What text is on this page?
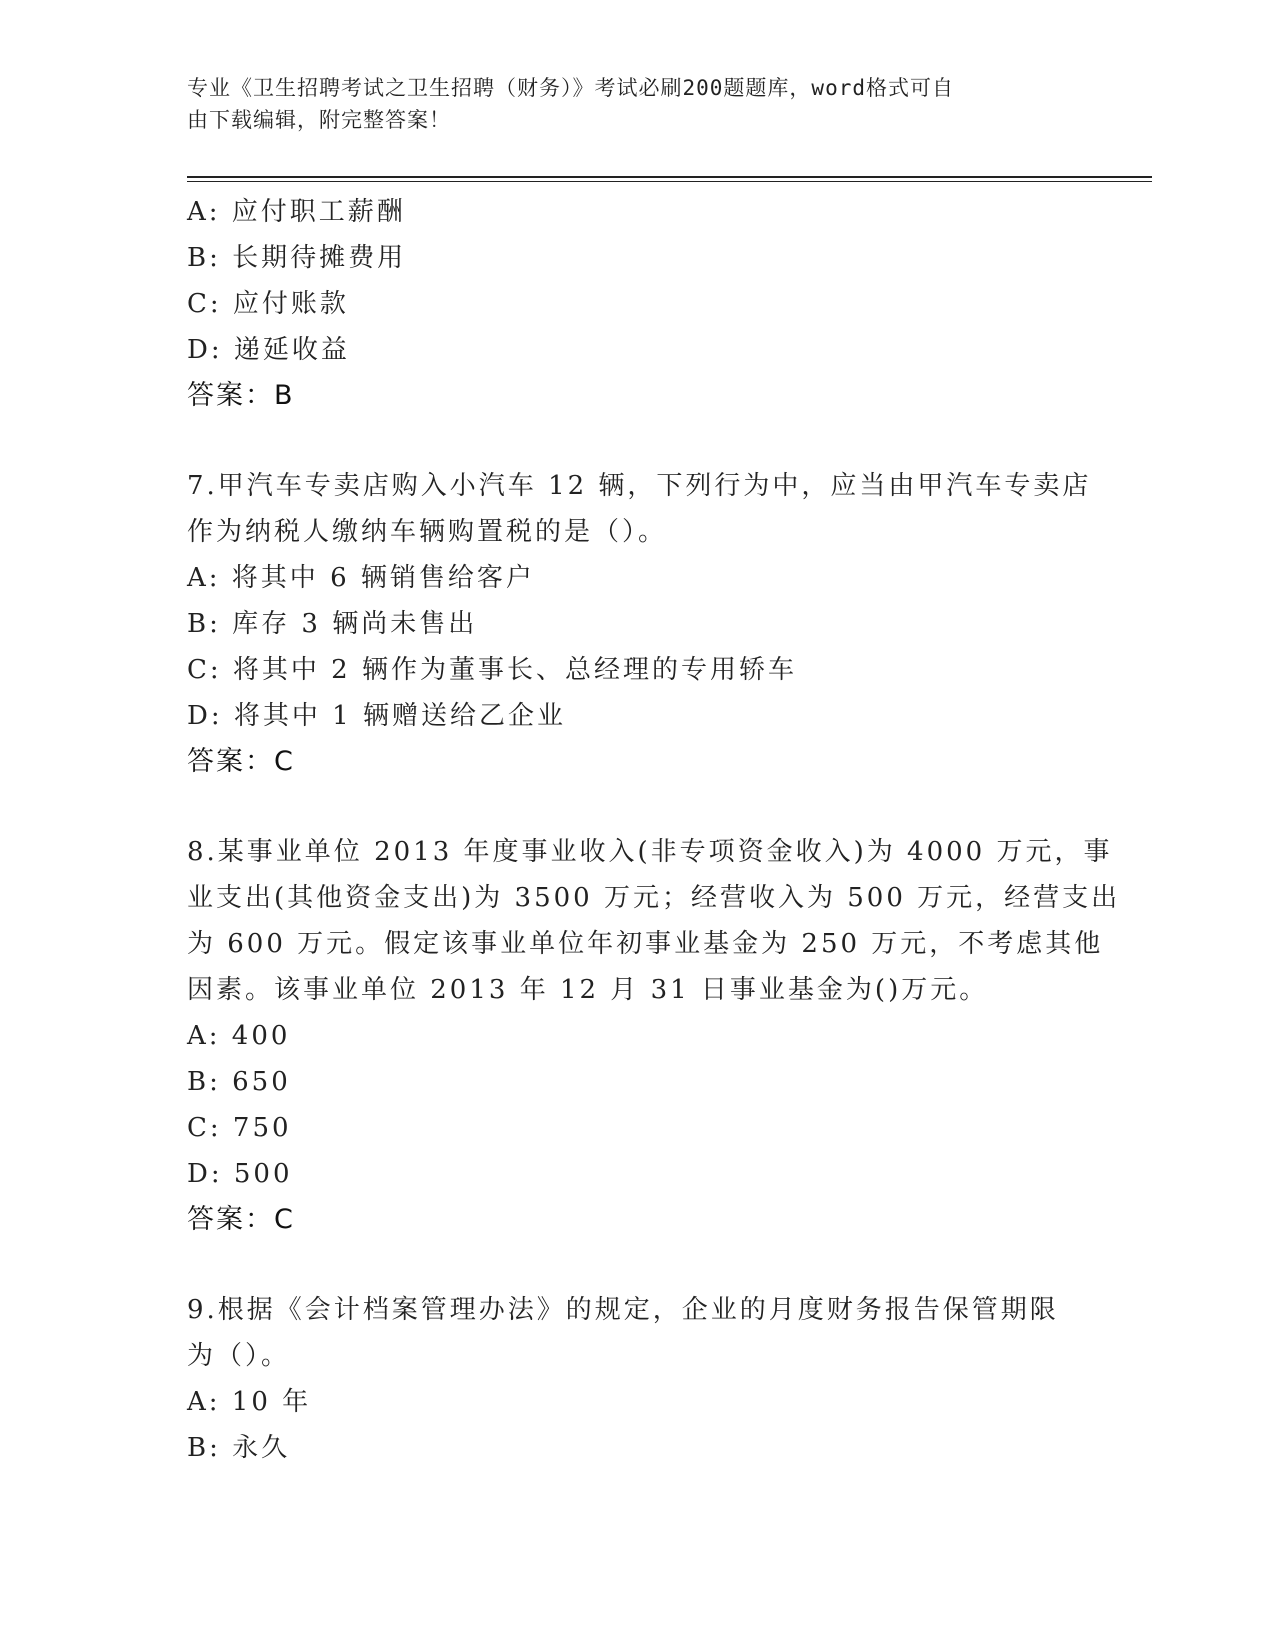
专业《卫生招聘考试之卫生招聘（财务）》考试必刷200题题库，word格式可自
由下载编辑，附完整答案！
A: 应付职工薪酬
B: 长期待摊费用
C: 应付账款
D: 递延收益
答案：B
7.甲汽车专卖店购入小汽车 12 辆，下列行为中，应当由甲汽车专卖店
作为纳税人缴纳车辆购置税的是（）。
A: 将其中 6 辆销售给客户
B: 库存 3 辆尚未售出
C: 将其中 2 辆作为董事长、总经理的专用轿车
D: 将其中 1 辆赠送给乙企业
答案：C
8.某事业单位 2013 年度事业收入(非专项资金收入)为 4000 万元，事
业支出(其他资金支出)为 3500 万元；经营收入为 500 万元，经营支出
为 600 万元。假定该事业单位年初事业基金为 250 万元，不考虑其他
因素。该事业单位 2013 年 12 月 31 日事业基金为()万元。
A: 400
B: 650
C: 750
D: 500
答案：C
9.根据《会计档案管理办法》的规定，企业的月度财务报告保管期限
为（）。
A: 10 年
B: 永久
